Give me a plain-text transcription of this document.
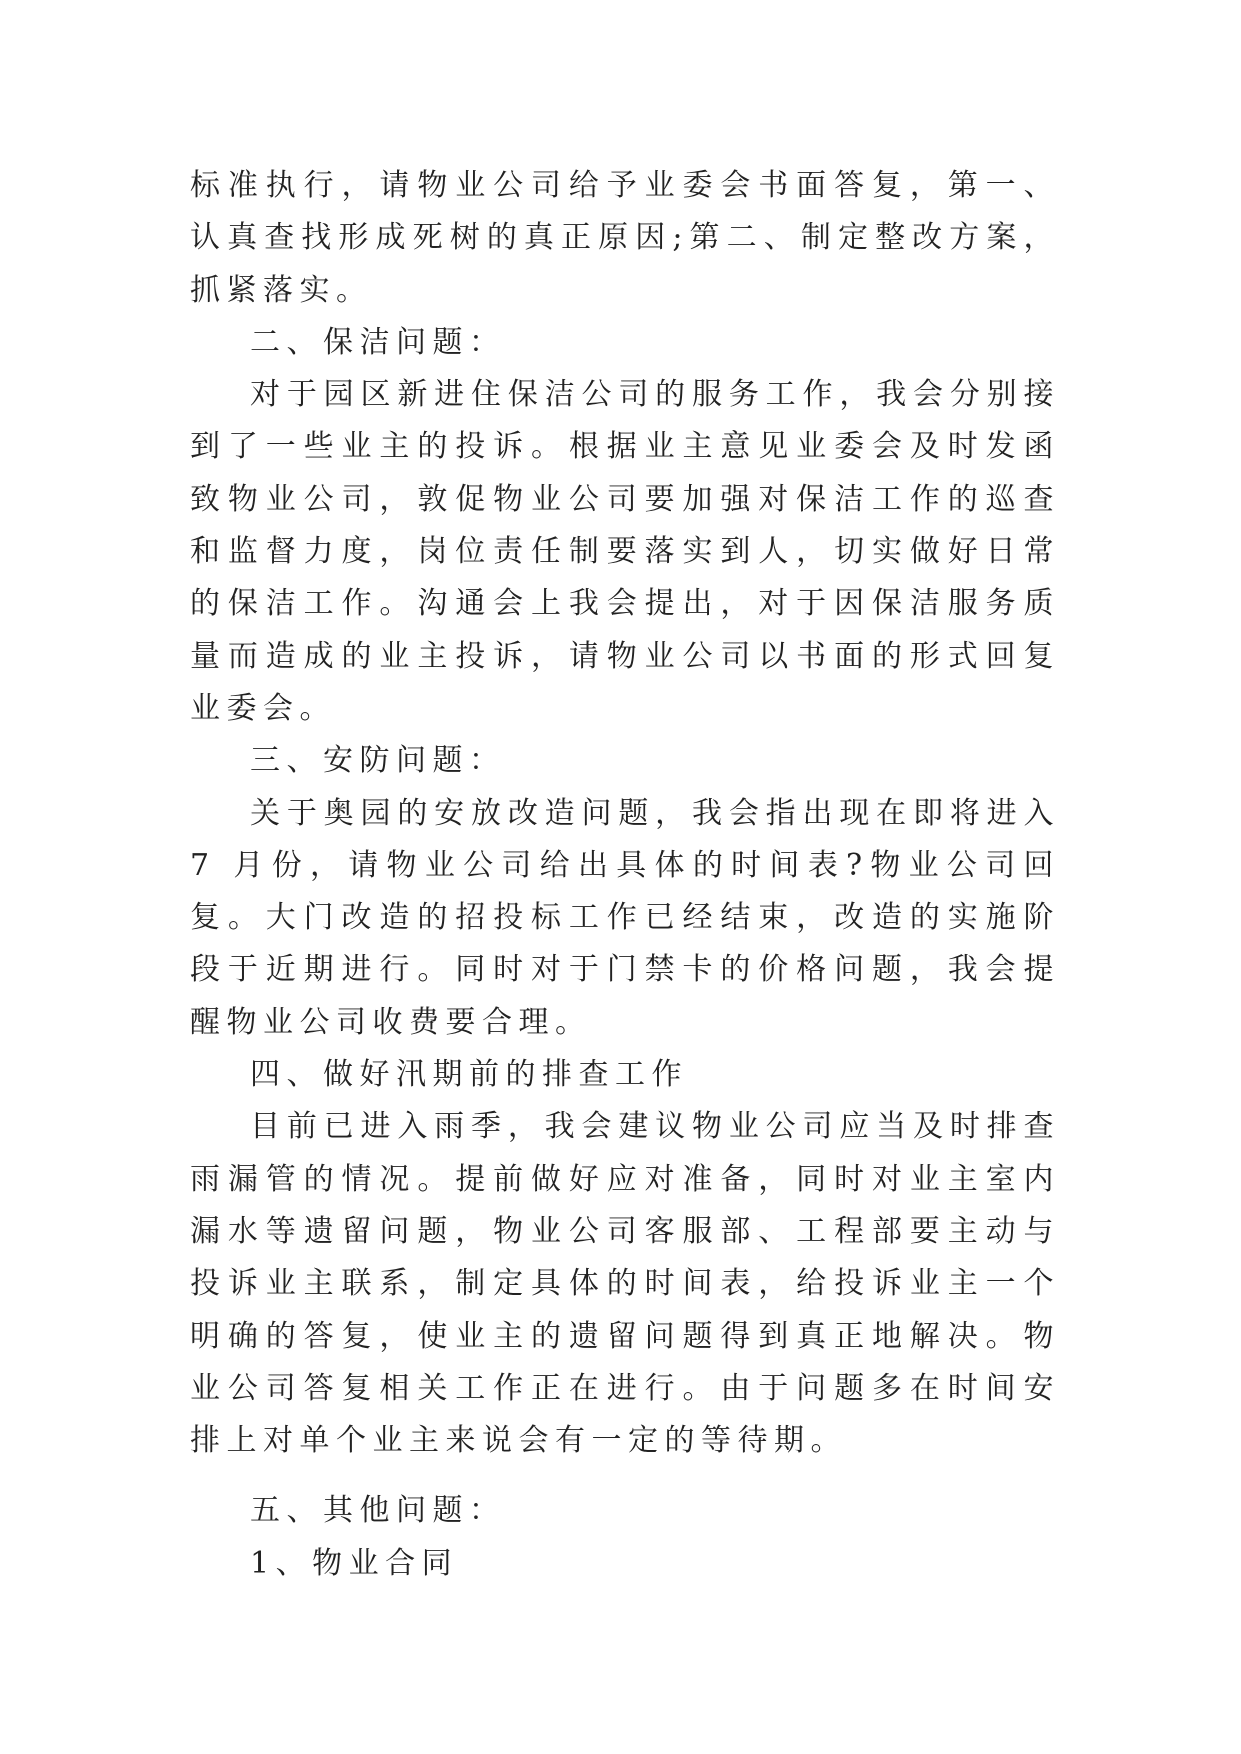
标准执行，请物业公司给予业委会书面答复，第一、认真查找形成死树的真正原因;第二、制定整改方案，抓紧落实。

二、保洁问题：

对于园区新进住保洁公司的服务工作，我会分别接到了一些业主的投诉。根据业主意见业委会及时发函致物业公司，敦促物业公司要加强对保洁工作的巡查和监督力度，岗位责任制要落实到人，切实做好日常的保洁工作。沟通会上我会提出，对于因保洁服务质量而造成的业主投诉，请物业公司以书面的形式回复业委会。

三、安防问题：

关于奥园的安放改造问题，我会指出现在即将进入 7 月份，请物业公司给出具体的时间表?物业公司回复。大门改造的招投标工作已经结束，改造的实施阶段于近期进行。同时对于门禁卡的价格问题，我会提醒物业公司收费要合理。

四、做好汛期前的排查工作

目前已进入雨季，我会建议物业公司应当及时排查雨漏管的情况。提前做好应对准备，同时对业主室内漏水等遗留问题，物业公司客服部、工程部要主动与投诉业主联系，制定具体的时间表，给投诉业主一个明确的答复，使业主的遗留问题得到真正地解决。物业公司答复相关工作正在进行。由于问题多在时间安排上对单个业主来说会有一定的等待期。

五、其他问题：

1、物业合同
